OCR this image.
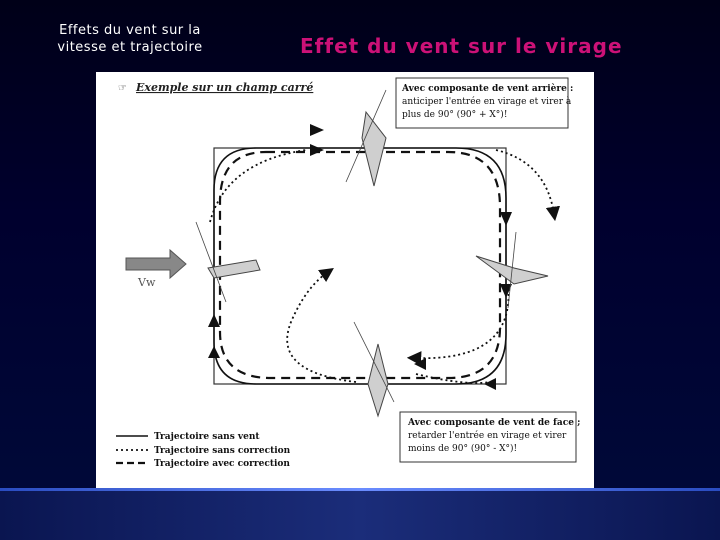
Effets du vent sur la
vitesse et trajectoire	Effet du vent sur le virage
☞ Exemple sur un champ carré
Vw
Avec composante de vent arrière :
anticiper l'entrée en virage et virer à
plus de 90° (90° + X°)!
Avec composante de vent de face ;
retarder l'entrée en virage et virer
moins de 90° (90° - X°)!
Trajectoire sans vent
Trajectoire sans correction
Trajectoire avec correction
